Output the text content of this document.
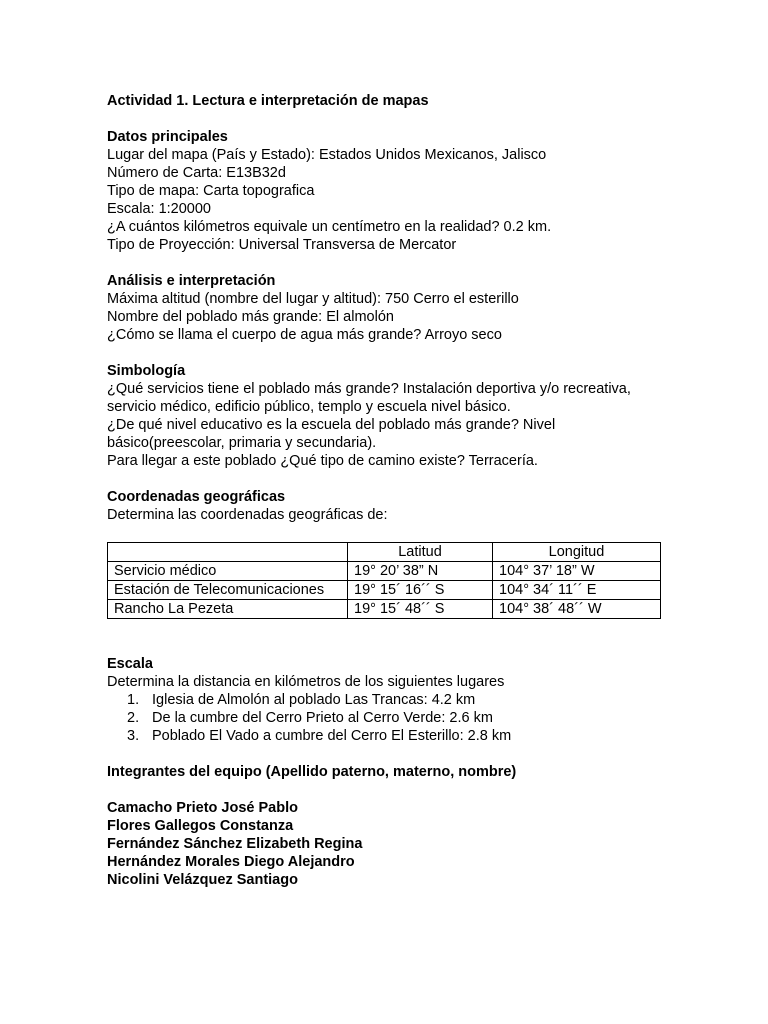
Actividad 1. Lectura e interpretación de mapas
Datos principales
Lugar del mapa (País y Estado): Estados Unidos Mexicanos, Jalisco
Número de Carta: E13B32d
Tipo de mapa: Carta topografica
Escala: 1:20000
¿A cuántos kilómetros equivale un centímetro en la realidad? 0.2 km.
Tipo de Proyección: Universal Transversa de Mercator
Análisis e interpretación
Máxima altitud (nombre del lugar y altitud): 750 Cerro el esterillo
Nombre del poblado más grande: El almolón
¿Cómo se llama el cuerpo de agua más grande? Arroyo seco
Simbología
¿Qué servicios tiene el poblado más grande? Instalación deportiva y/o recreativa,
servicio médico, edificio público, templo y escuela nivel básico.
¿De qué nivel educativo es la escuela del poblado más grande? Nivel
básico(preescolar, primaria y secundaria).
Para llegar a este poblado ¿Qué tipo de camino existe? Terracería.
Coordenadas geográficas
Determina las coordenadas geográficas de:
	Latitud	Longitud
Servicio médico	19° 20’ 38” N	104° 37’ 18” W
Estación de Telecomunicaciones	19° 15´ 16´´ S	104° 34´ 11´´ E
Rancho La Pezeta	19° 15´ 48´´ S	104° 38´ 48´´ W
Escala
Determina la distancia en kilómetros de los siguientes lugares
1. Iglesia de Almolón al poblado Las Trancas: 4.2 km
2. De la cumbre del Cerro Prieto al Cerro Verde: 2.6 km
3. Poblado El Vado a cumbre del Cerro El Esterillo: 2.8 km
Integrantes del equipo (Apellido paterno, materno, nombre)
Camacho Prieto José Pablo
Flores Gallegos Constanza
Fernández Sánchez Elizabeth Regina
Hernández Morales Diego Alejandro
Nicolini Velázquez Santiago
